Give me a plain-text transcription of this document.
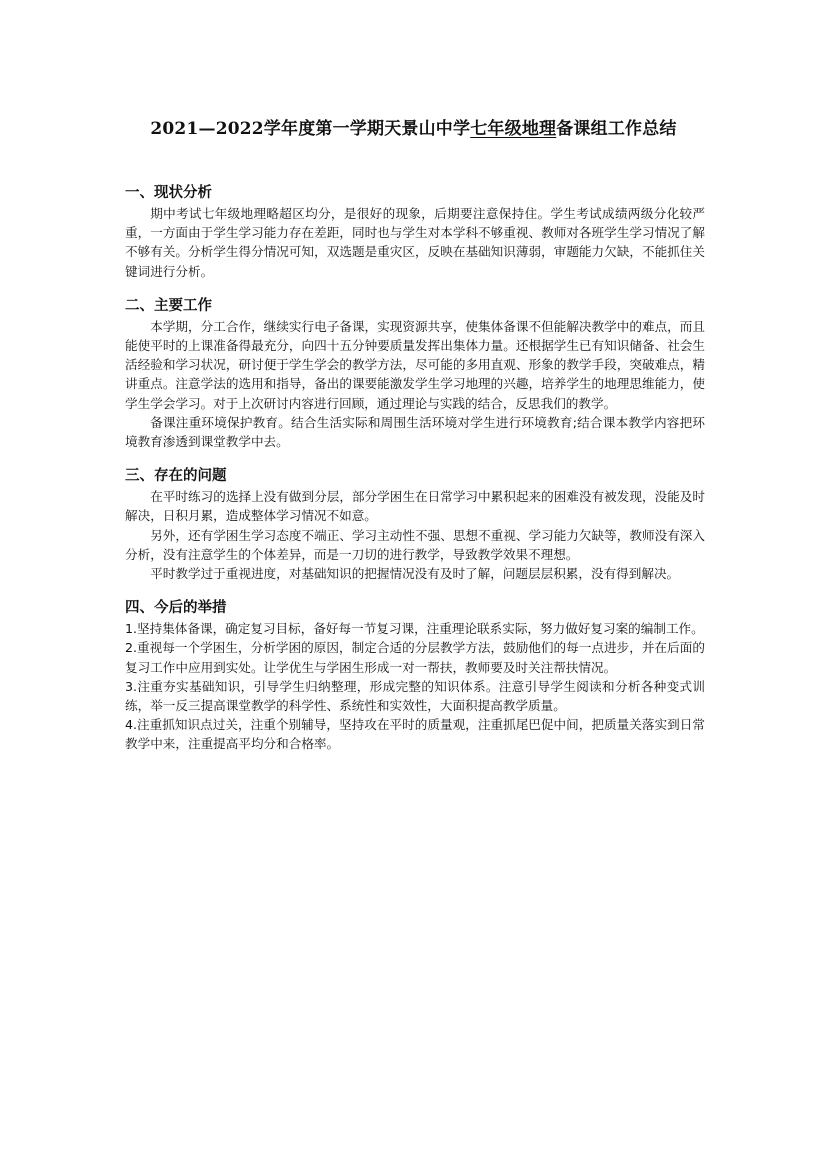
2021—2022学年度第一学期天景山中学七年级地理备课组工作总结

一、现状分析

期中考试七年级地理略超区均分，是很好的现象，后期要注意保持住。学生考试成绩两级分化较严重，一方面由于学生学习能力存在差距，同时也与学生对本学科不够重视、教师对各班学生学习情况了解不够有关。分析学生得分情况可知，双选题是重灾区，反映在基础知识薄弱，审题能力欠缺，不能抓住关键词进行分析。

二、主要工作

本学期，分工合作，继续实行电子备课，实现资源共享，使集体备课不但能解决教学中的难点，而且能使平时的上课准备得最充分，向四十五分钟要质量发挥出集体力量。还根据学生已有知识储备、社会生活经验和学习状况，研讨便于学生学会的教学方法，尽可能的多用直观、形象的教学手段，突破难点，精讲重点。注意学法的选用和指导，备出的课要能激发学生学习地理的兴趣，培养学生的地理思维能力，使学生学会学习。对于上次研讨内容进行回顾，通过理论与实践的结合，反思我们的教学。

备课注重环境保护教育。结合生活实际和周围生活环境对学生进行环境教育;结合课本教学内容把环境教育渗透到课堂教学中去。

三、存在的问题

在平时练习的选择上没有做到分层，部分学困生在日常学习中累积起来的困难没有被发现，没能及时解决，日积月累，造成整体学习情况不如意。

另外，还有学困生学习态度不端正、学习主动性不强、思想不重视、学习能力欠缺等，教师没有深入分析，没有注意学生的个体差异，而是一刀切的进行教学，导致教学效果不理想。

平时教学过于重视进度，对基础知识的把握情况没有及时了解，问题层层积累，没有得到解决。

四、今后的举措

1.坚持集体备课，确定复习目标，备好每一节复习课，注重理论联系实际，努力做好复习案的编制工作。

2.重视每一个学困生，分析学困的原因，制定合适的分层教学方法，鼓励他们的每一点进步，并在后面的复习工作中应用到实处。让学优生与学困生形成一对一帮扶，教师要及时关注帮扶情况。

3.注重夯实基础知识，引导学生归纳整理，形成完整的知识体系。注意引导学生阅读和分析各种变式训练，举一反三提高课堂教学的科学性、系统性和实效性，大面积提高教学质量。

4.注重抓知识点过关，注重个别辅导，坚持攻在平时的质量观，注重抓尾巴促中间，把质量关落实到日常教学中来，注重提高平均分和合格率。
